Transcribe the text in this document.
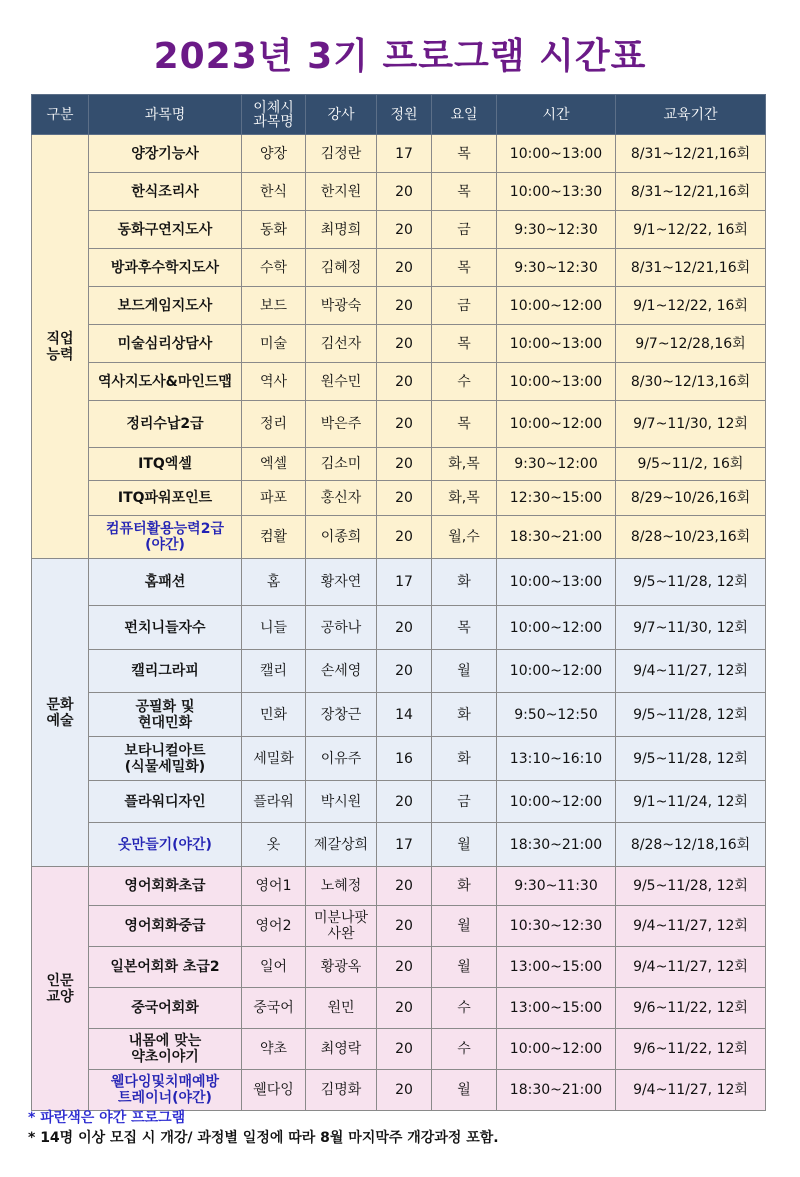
2023년 3기 프로그램 시간표
구분	과목명	이체시
과목명	강사	정원	요일	시간	교육기간
직업
능력	양장기능사	양장	김정란	17	목	10:00~13:00	8/31~12/21,16회
	한식조리사	한식	한지원	20	목	10:00~13:30	8/31~12/21,16회
	동화구연지도사	동화	최명희	20	금	9:30~12:30	9/1~12/22, 16회
	방과후수학지도사	수학	김혜정	20	목	9:30~12:30	8/31~12/21,16회
	보드게임지도사	보드	박광숙	20	금	10:00~12:00	9/1~12/22, 16회
	미술심리상담사	미술	김선자	20	목	10:00~13:00	9/7~12/28,16회
	역사지도사&마인드맵	역사	원수민	20	수	10:00~13:00	8/30~12/13,16회
	정리수납2급	정리	박은주	20	목	10:00~12:00	9/7~11/30, 12회
	ITQ엑셀	엑셀	김소미	20	화,목	9:30~12:00	9/5~11/2, 16회
	ITQ파워포인트	파포	홍신자	20	화,목	12:30~15:00	8/29~10/26,16회
	컴퓨터활용능력2급
(야간)	컴활	이종희	20	월,수	18:30~21:00	8/28~10/23,16회
문화
예술	홈패션	홈	황자연	17	화	10:00~13:00	9/5~11/28, 12회
	펀치니들자수	니들	공하나	20	목	10:00~12:00	9/7~11/30, 12회
	캘리그라피	캘리	손세영	20	월	10:00~12:00	9/4~11/27, 12회
	공필화 및
현대민화	민화	장창근	14	화	9:50~12:50	9/5~11/28, 12회
	보타니컬아트
(식물세밀화)	세밀화	이유주	16	화	13:10~16:10	9/5~11/28, 12회
	플라워디자인	플라워	박시원	20	금	10:00~12:00	9/1~11/24, 12회
	옷만들기(야간)	옷	제갈상희	17	월	18:30~21:00	8/28~12/18,16회
인문
교양	영어회화초급	영어1	노혜정	20	화	9:30~11:30	9/5~11/28, 12회
	영어회화중급	영어2	미분나팟
사완	20	월	10:30~12:30	9/4~11/27, 12회
	일본어회화 초급2	일어	황광옥	20	월	13:00~15:00	9/4~11/27, 12회
	중국어회화	중국어	원민	20	수	13:00~15:00	9/6~11/22, 12회
	내몸에 맞는
약초이야기	약초	최영락	20	수	10:00~12:00	9/6~11/22, 12회
	웰다잉및치매예방
트레이너(야간)	웰다잉	김명화	20	월	18:30~21:00	9/4~11/27, 12회
* 파란색은 야간 프로그램
* 14명 이상 모집 시 개강/ 과정별 일정에 따라 8월 마지막주 개강과정 포함.
